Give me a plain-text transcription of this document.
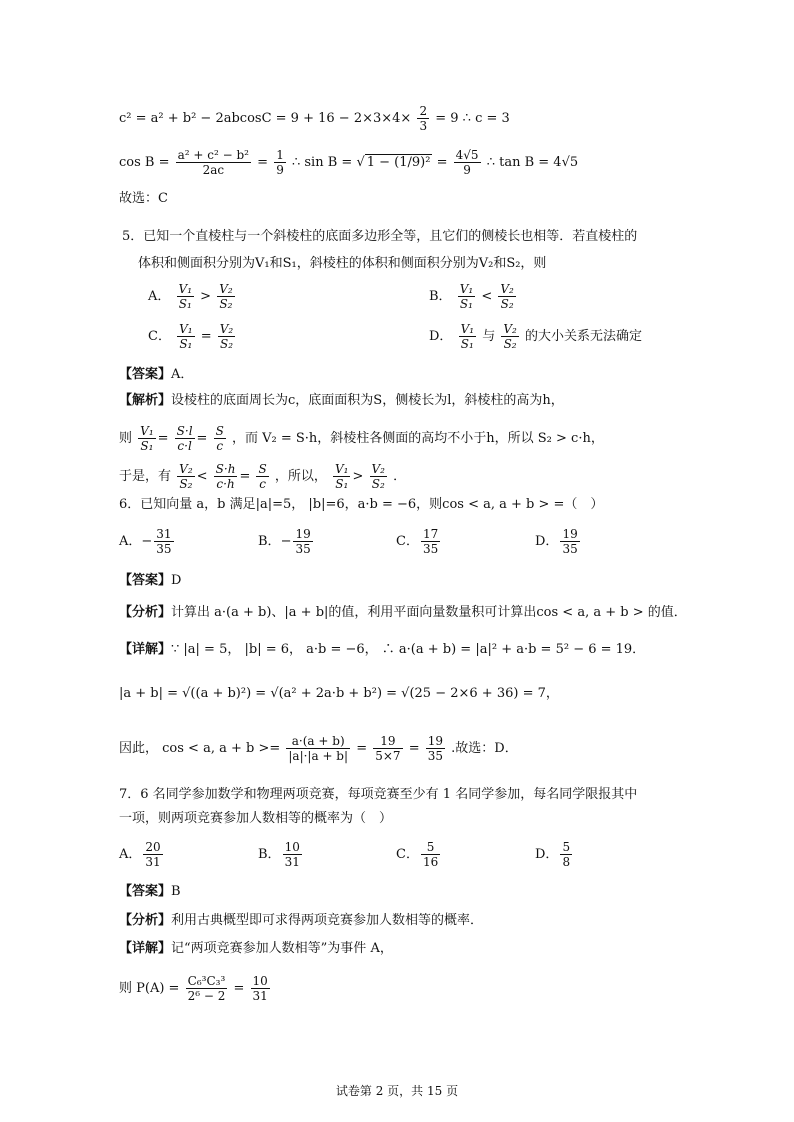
$c^2 = a^2 + b^2 - 2abcosC = 9 + 16 - 2\times 3\times 4\times \frac{2}{3} = 9$ ∴ c = 3
$\cos B = \frac{\text{a² + c² − b²}}{2ac} = \frac{1}{9}$ ∴ sin B = √ $1 - (1/9)^2 = \frac{4√5}{9}$ ∴ tan B = 4√5
故选：C
5．已知一个直棱柱与一个斜棱柱的底面多边形全等，且它们的侧棱长也相等．若直棱柱的
体积和侧面积分别为V₁和S₁，斜棱柱的体积和侧面积分别为V₂和S₂，则
A． $\frac{\text{V₁}}{\text{S₁}} > \frac{\text{V₂}}{\text{S₂}}$	B． $\frac{\text{V₁}}{\text{S₁}} < \frac{\text{V₂}}{\text{S₂}}$
C． $\frac{\text{V₁}}{\text{S₁}} = \frac{\text{V₂}}{\text{S₂}}$	D． $\frac{\text{V₁}}{\text{S₁}}$ 与 $\frac{\text{V₂}}{\text{S₂}}$ 的大小关系无法确定
【答案】A．
【解析】设棱柱的底面周长为c，底面面积为S，侧棱长为l，斜棱柱的高为h，
则 $\frac{\text{V₁}}{\text{S₁}} = \frac{S\cdot l}{c\cdot l} = \frac{S}{c}$ ，而 V₂ = S·h，斜棱柱各侧面的高均不小于h，所以 S₂ > c·h，
于是，有 $\frac{\text{V₂}}{\text{S₂}} < \frac{S\cdot h}{c\cdot h} = \frac{S}{c}$ ，所以， $\frac{\text{V₁}}{\text{S₁}} > \frac{\text{V₂}}{\text{S₂}}$ ．
6．已知向量 a，b 满足|a|=5， |b|=6，a·b = −6，则cos < a, a + b > =（　）
A．− $\frac{31}{35}$	B．− $\frac{19}{35}$	C． $\frac{17}{35}$	D． $\frac{19}{35}$
【答案】D
【分析】计算出 a·(a + b)、|a + b|的值，利用平面向量数量积可计算出cos < a, a + b > 的值．
【详解】∵ |a| = 5， |b| = 6， a·b = −6， ∴ a·(a + b) = |a|² + a·b = 5² − 6 = 19．
|a + b| = √((a + b)²) = √(a² + 2a·b + b²) = √(25 − 2×6 + 36) = 7，
因此， cos < a, $a + b >= \frac{a\cdot(a + b)}{|a|\cdot|a + b|} = \frac{19}{5\times 7} = \frac{19}{35}$ .故选：D．
7．6 名同学参加数学和物理两项竞赛，每项竞赛至少有 1 名同学参加，每名同学限报其中
一项，则两项竞赛参加人数相等的概率为（　）
A． $\frac{20}{31}$	B． $\frac{10}{31}$	C． $\frac{5}{16}$	D． $\frac{5}{8}$
【答案】B
【分析】利用古典概型即可求得两项竞赛参加人数相等的概率．
【详解】记“两项竞赛参加人数相等”为事件 A，
则 $P(A) = \frac{\text{C₆³C₃³}}{\text{2⁶ − 2}} = \frac{10}{31}$
试卷第 2 页，共 15 页
